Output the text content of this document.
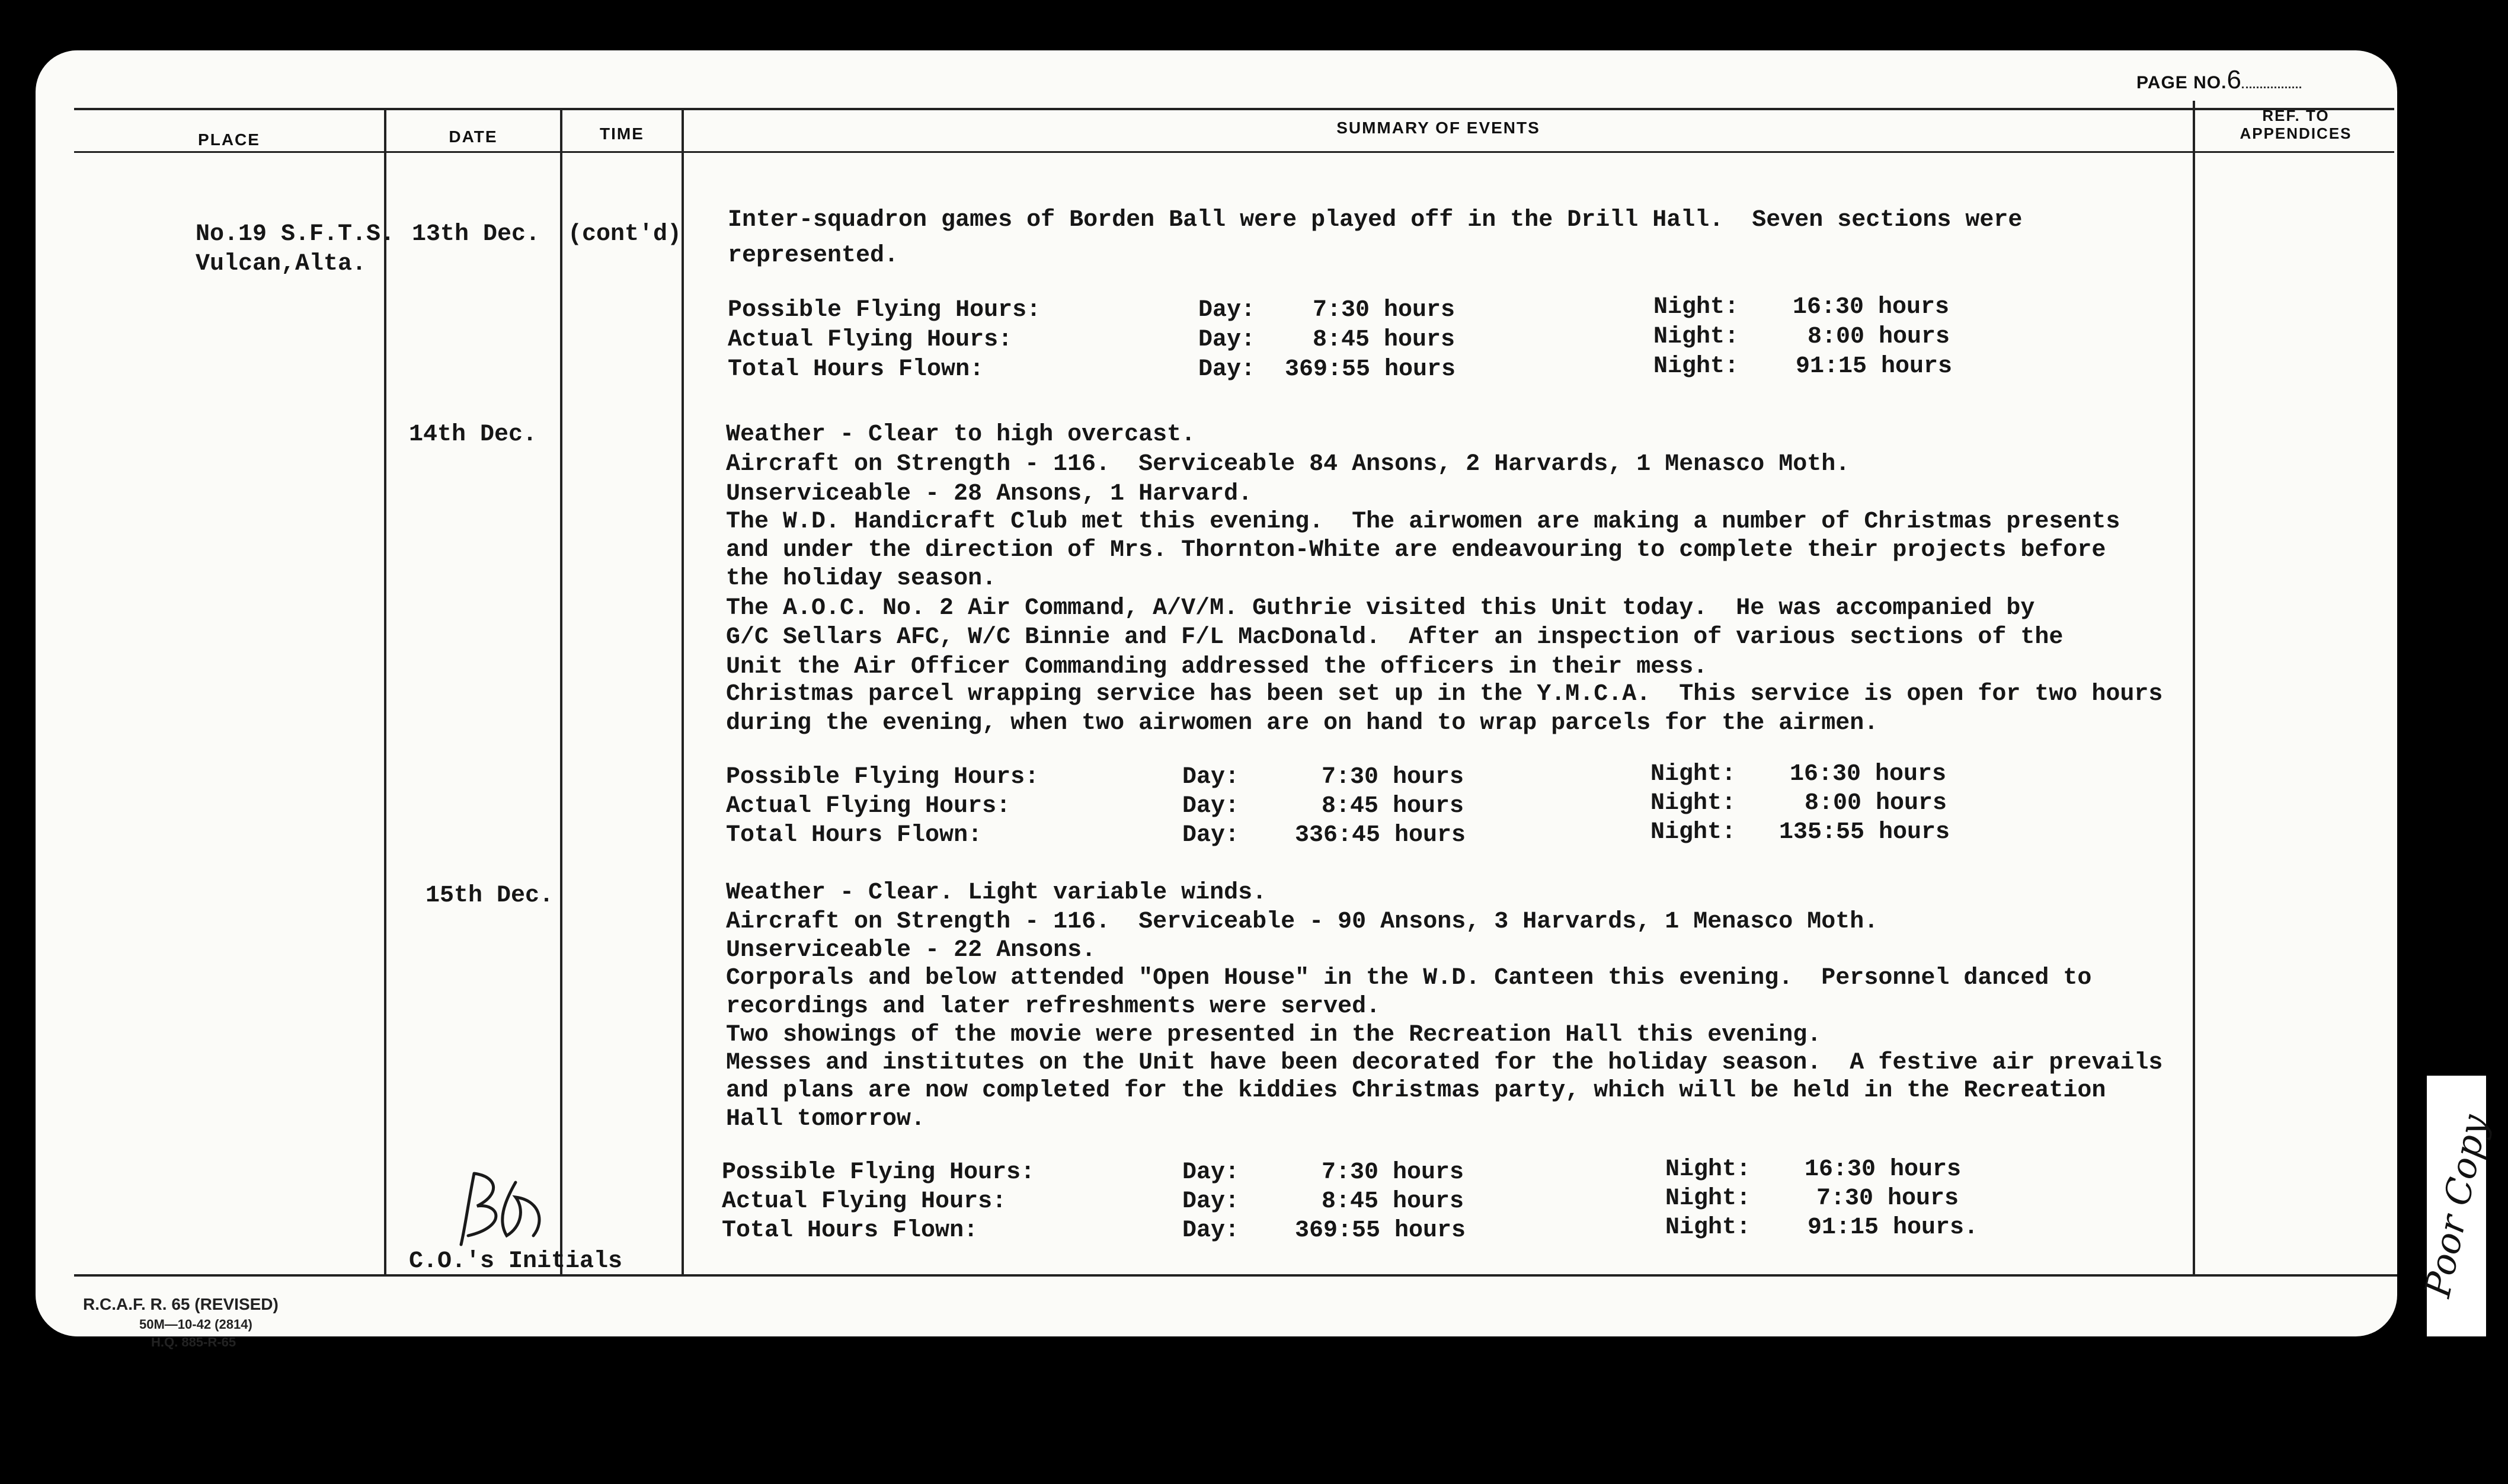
PAGE NO.6
PLACE	DATE	TIME	SUMMARY OF EVENTS
REF. TO
APPENDICES
No.19 S.F.T.S.
Vulcan,Alta.
13th Dec. (cont'd)
Inter-squadron games of Borden Ball were played off in the Drill Hall.  Seven sections were
represented.
Possible Flying Hours:	Day: 7:30 hours	Night: 16:30 hours
Actual Flying Hours:	Day: 8:45 hours	Night:	8:00 hours
Total Hours Flown:	Day: 369:55 hours	Night: 91:15 hours
14th Dec.	Weather - Clear to high overcast.
Aircraft on Strength - 116.  Serviceable 84 Ansons, 2 Harvards, 1 Menasco Moth.
Unserviceable - 28 Ansons, 1 Harvard.
The W.D. Handicraft Club met this evening.  The airwomen are making a number of Christmas presents
and under the direction of Mrs. Thornton-White are endeavouring to complete their projects before
the holiday season.
The A.O.C. No. 2 Air Command, A/V/M. Guthrie visited this Unit today.  He was accompanied by
G/C Sellars AFC, W/C Binnie and F/L MacDonald.  After an inspection of various sections of the
Unit the Air Officer Commanding addressed the officers in their mess.
Christmas parcel wrapping service has been set up in the Y.M.C.A.  This service is open for two hours
during the evening, when two airwomen are on hand to wrap parcels for the airmen.
Possible Flying Hours:	Day:	7:30 hours	Night: 16:30 hours
Actual Flying Hours:	Day:	8:45 hours	Night:	8:00 hours
Total Hours Flown:	Day: 336:45 hours	Night: 135:55 hours
15th Dec.	Weather - Clear. Light variable winds.
Aircraft on Strength - 116.  Serviceable - 90 Ansons, 3 Harvards, 1 Menasco Moth.
Unserviceable - 22 Ansons.
Corporals and below attended "Open House" in the W.D. Canteen this evening.  Personnel danced to
recordings and later refreshments were served.
Two showings of the movie were presented in the Recreation Hall this evening.
Messes and institutes on the Unit have been decorated for the holiday season.  A festive air prevails
and plans are now completed for the kiddies Christmas party, which will be held in the Recreation
Hall tomorrow.
Possible Flying Hours:	Day:	7:30 hours	Night: 16:30 hours
Actual Flying Hours:	Day:	8:45 hours	Night:	7:30 hours
Total Hours Flown:	Day: 369:55 hours	Night: 91:15 hours.
C.O.'s Initials
R.C.A.F. R. 65 (REVISED)
50M—10-42 (2814)
H.Q. 885-R-65
Poor Copy
